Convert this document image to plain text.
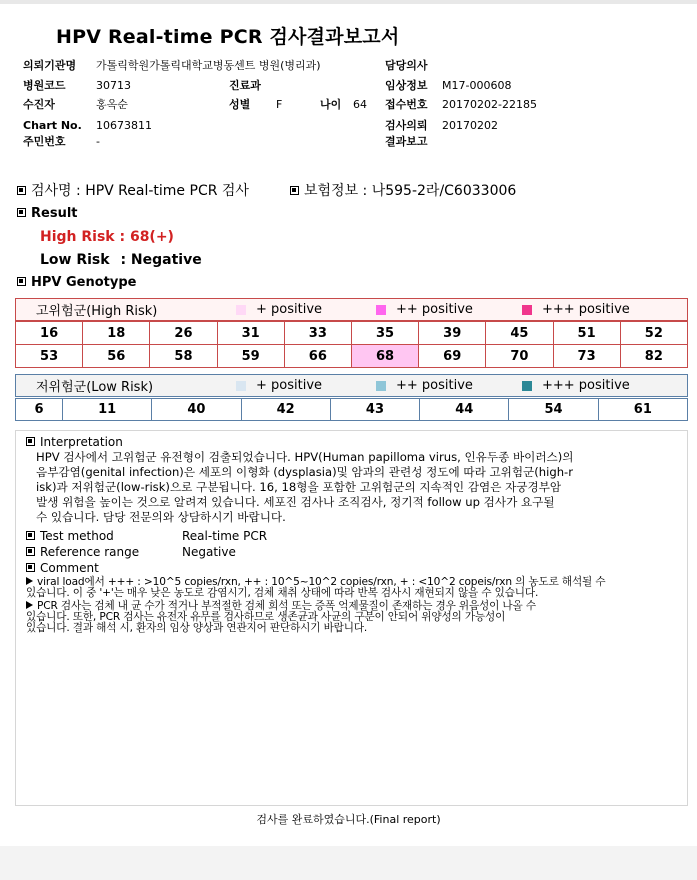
HPV Real-time PCR 검사결과보고서
의뢰기관명 가톨릭학원가톨릭대학교병동센트 병원(병리과)	담당의사
병원코드	30713	진료과	임상정보 M17-000608
수진자	홍옥순	성별 F	나이 64 접수번호 20170202-22185
Chart No. 10673811	검사의뢰 20170202
주민번호	-	결과보고
검사명 : HPV Real-time PCR 검사	보험정보 : 나595-2라/C6033006
Result
High Risk : 68(+)
Low Risk : Negative
HPV Genotype
고위험군(High Risk)	+ positive	++ positive	+++ positive
16	18	26	31	33	35	39	45	51	52
53	56	58	59	66	68	69	70	73	82
저위험군(Low Risk)	+ positive	++ positive	+++ positive
6	11	40	42	43	44	54	61
Interpretation
HPV 검사에서 고위험군 유전형이 검출되었습니다. HPV(Human papilloma virus, 인유두종 바이러스)의
음부감염(genital infection)은 세포의 이형화 (dysplasia)및 암과의 관련성 정도에 따라 고위험군(high-r
isk)과 저위험군(low-risk)으로 구분됩니다. 16, 18형을 포함한 고위험군의 지속적인 감염은 자궁경부암
발생 위험을 높이는 것으로 알려져 있습니다. 세포진 검사나 조직검사, 정기적 follow up 검사가 요구될
수 있습니다. 담당 전문의와 상담하시기 바랍니다.
Test method	Real-time PCR
Reference range	Negative
Comment
viral load에서 +++ : >10^5 copies/rxn, ++ : 10^5~10^2 copies/rxn, + : <10^2 copeis/rxn 의 농도로 해석될 수
있습니다. 이 중 '+'는 매우 낮은 농도로 감염시기, 검체 채취 상태에 따라 반복 검사시 재현되지 않을 수 있습니다.
PCR 검사는 검체 내 균 수가 적거나 부적절한 검체 희석 또는 증폭 억제물질이 존재하는 경우 위음성이 나올 수
있습니다. 또한, PCR 검사는 유전자 유무를 검사하므로 생존균과 사균의 구분이 안되어 위양성의 가능성이
있습니다. 결과 해석 시, 환자의 임상 양상과 연관지어 판단하시기 바랍니다.
검사를 완료하였습니다.(Final report)
